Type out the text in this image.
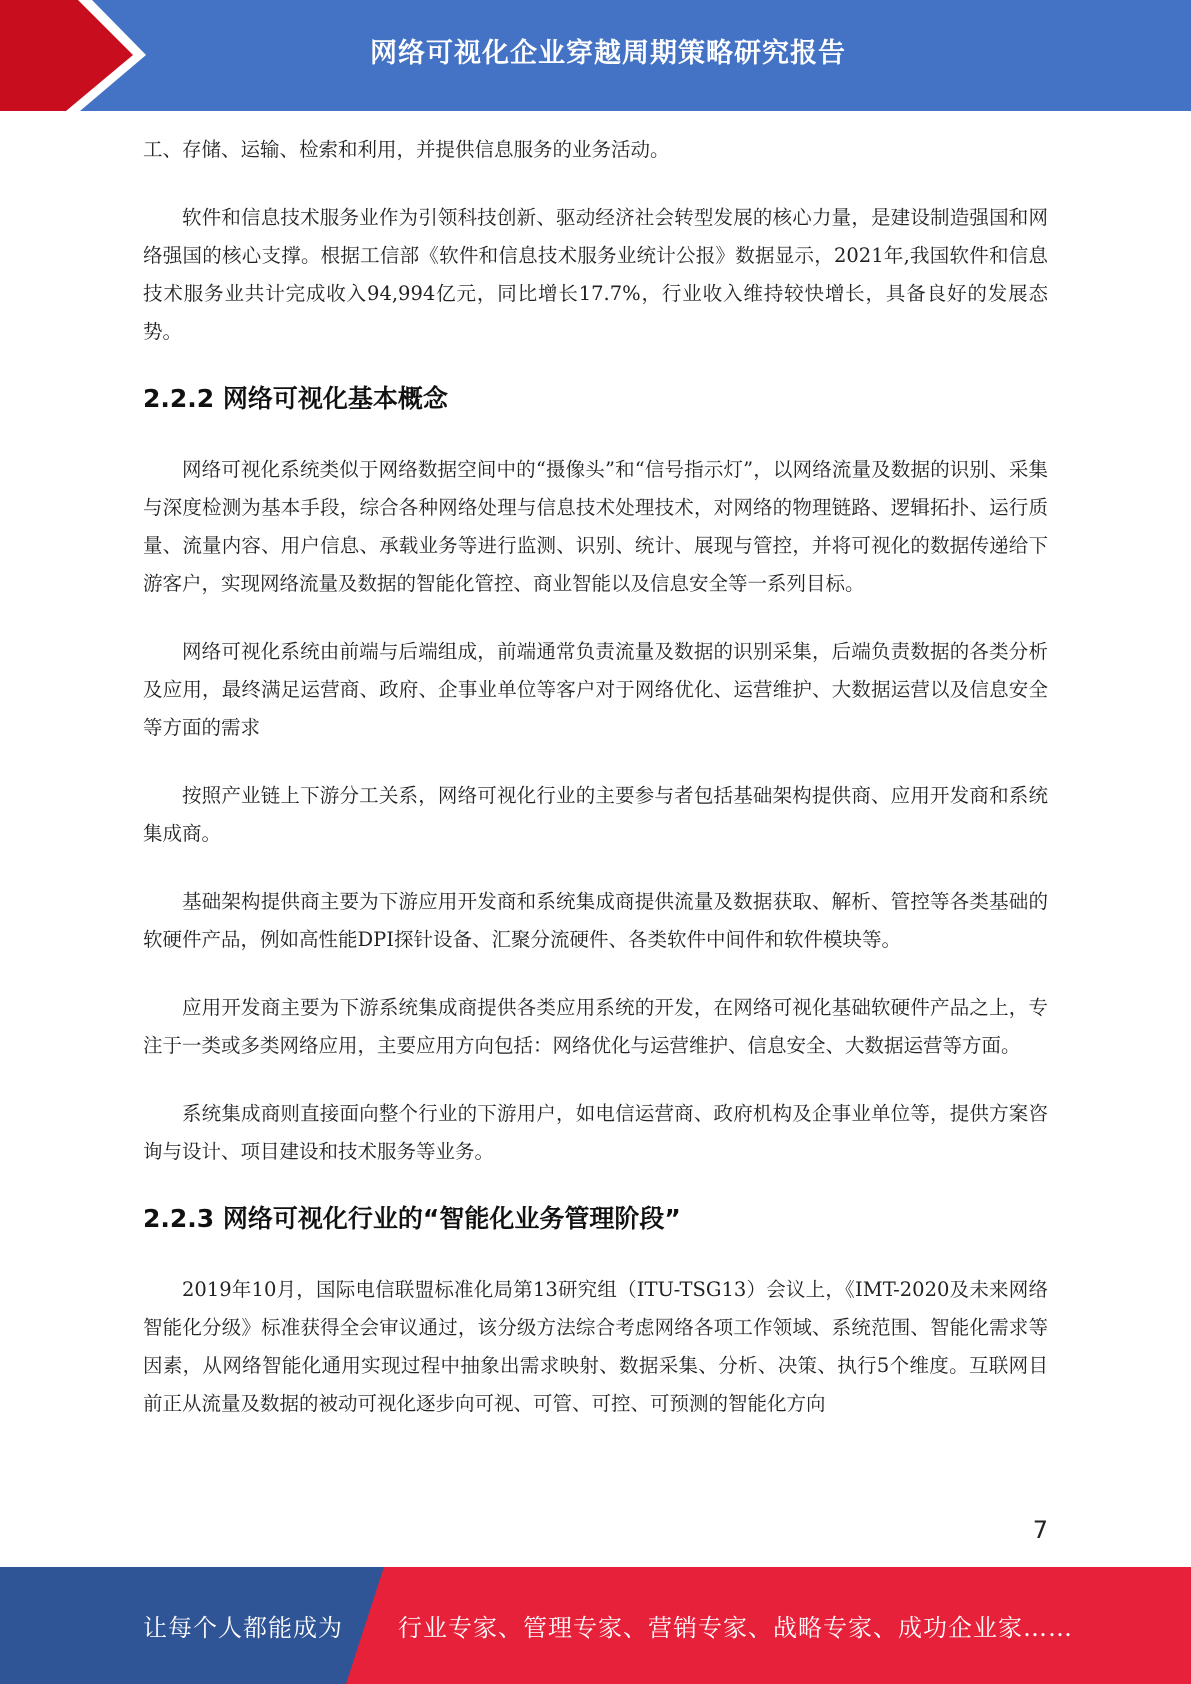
网络可视化企业穿越周期策略研究报告

工、存储、运输、检索和利用，并提供信息服务的业务活动。

软件和信息技术服务业作为引领科技创新、驱动经济社会转型发展的核心力量，是建设制造强国和网络强国的核心支撑。根据工信部《软件和信息技术服务业统计公报》数据显示，2021年,我国软件和信息技术服务业共计完成收入94,994亿元，同比增长17.7%，行业收入维持较快增长，具备良好的发展态势。

2.2.2 网络可视化基本概念

网络可视化系统类似于网络数据空间中的“摄像头”和“信号指示灯”，以网络流量及数据的识别、采集与深度检测为基本手段，综合各种网络处理与信息技术处理技术，对网络的物理链路、逻辑拓扑、运行质量、流量内容、用户信息、承载业务等进行监测、识别、统计、展现与管控，并将可视化的数据传递给下游客户，实现网络流量及数据的智能化管控、商业智能以及信息安全等一系列目标。

网络可视化系统由前端与后端组成，前端通常负责流量及数据的识别采集，后端负责数据的各类分析及应用，最终满足运营商、政府、企事业单位等客户对于网络优化、运营维护、大数据运营以及信息安全等方面的需求

按照产业链上下游分工关系，网络可视化行业的主要参与者包括基础架构提供商、应用开发商和系统集成商。

基础架构提供商主要为下游应用开发商和系统集成商提供流量及数据获取、解析、管控等各类基础的软硬件产品，例如高性能DPI探针设备、汇聚分流硬件、各类软件中间件和软件模块等。

应用开发商主要为下游系统集成商提供各类应用系统的开发，在网络可视化基础软硬件产品之上，专注于一类或多类网络应用，主要应用方向包括：网络优化与运营维护、信息安全、大数据运营等方面。

系统集成商则直接面向整个行业的下游用户，如电信运营商、政府机构及企事业单位等，提供方案咨询与设计、项目建设和技术服务等业务。

2.2.3 网络可视化行业的“智能化业务管理阶段”

2019年10月，国际电信联盟标准化局第13研究组（ITU-TSG13）会议上，《IMT-2020及未来网络智能化分级》标准获得全会审议通过，该分级方法综合考虑网络各项工作领域、系统范围、智能化需求等因素，从网络智能化通用实现过程中抽象出需求映射、数据采集、分析、决策、执行5个维度。互联网目前正从流量及数据的被动可视化逐步向可视、可管、可控、可预测的智能化方向

7
让每个人都能成为 行业专家、管理专家、营销专家、战略专家、成功企业家……
